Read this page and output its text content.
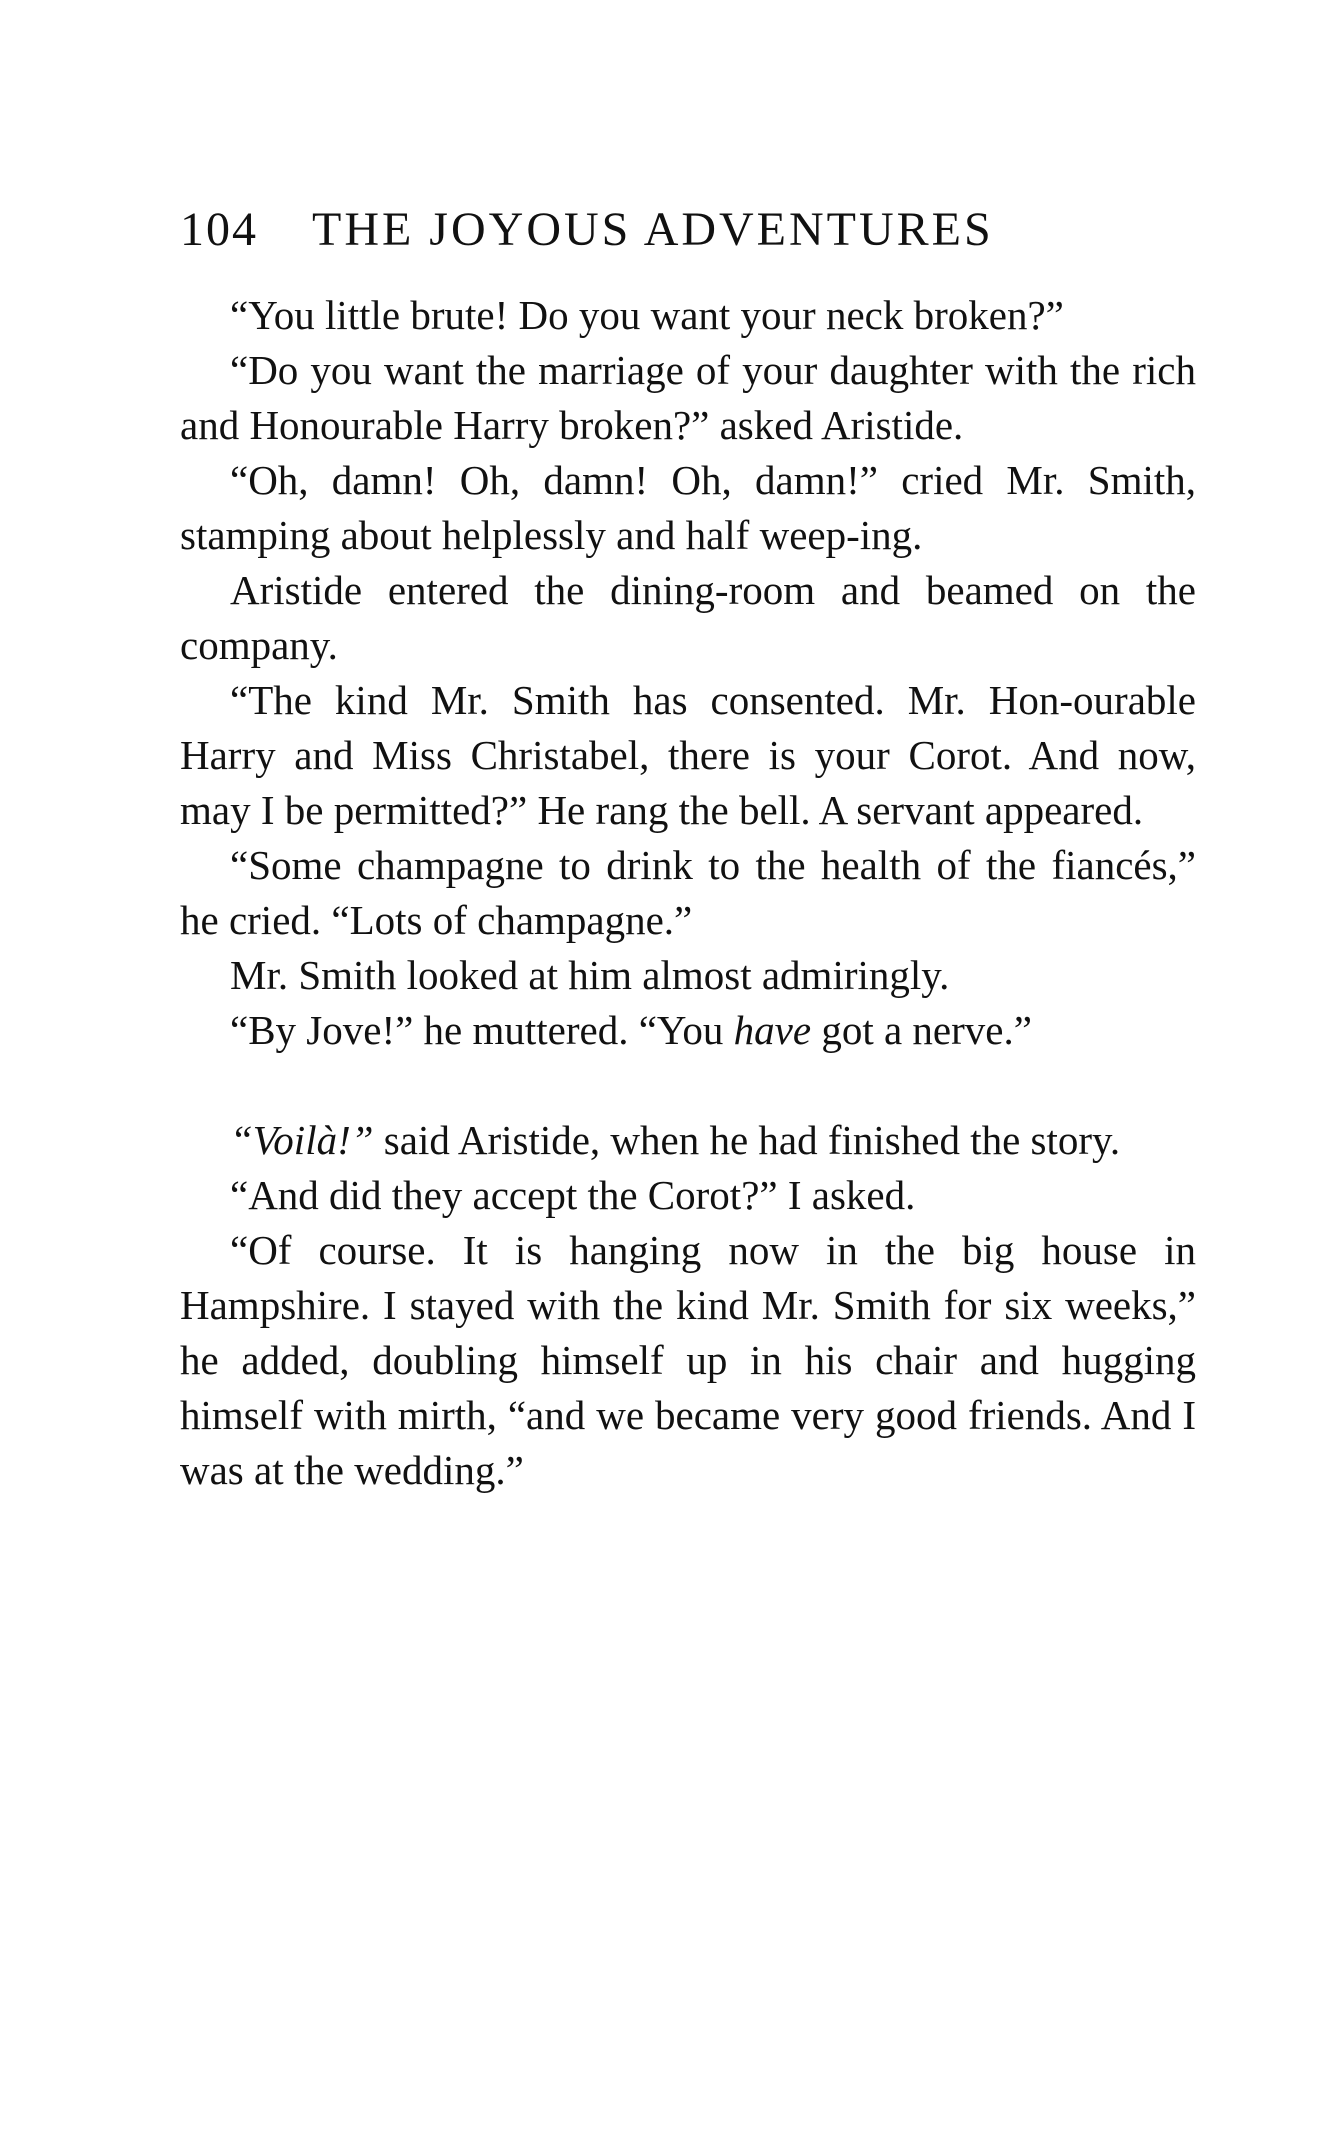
104 THE JOYOUS ADVENTURES

“You little brute! Do you want your neck broken?”

“Do you want the marriage of your daughter with the rich and Honourable Harry broken?” asked Aristide.

“Oh, damn! Oh, damn! Oh, damn!” cried Mr. Smith, stamping about helplessly and half weep-ing.

Aristide entered the dining-room and beamed on the company.

“The kind Mr. Smith has consented. Mr. Hon-ourable Harry and Miss Christabel, there is your Corot. And now, may I be permitted?” He rang the bell. A servant appeared.

“Some champagne to drink to the health of the fiancés,” he cried. “Lots of champagne.”

Mr. Smith looked at him almost admiringly.

“By Jove!” he muttered. “You have got a nerve.”

“Voilà!” said Aristide, when he had finished the story.

“And did they accept the Corot?” I asked.

“Of course. It is hanging now in the big house in Hampshire. I stayed with the kind Mr. Smith for six weeks,” he added, doubling himself up in his chair and hugging himself with mirth, “and we became very good friends. And I was at the wedding.”
